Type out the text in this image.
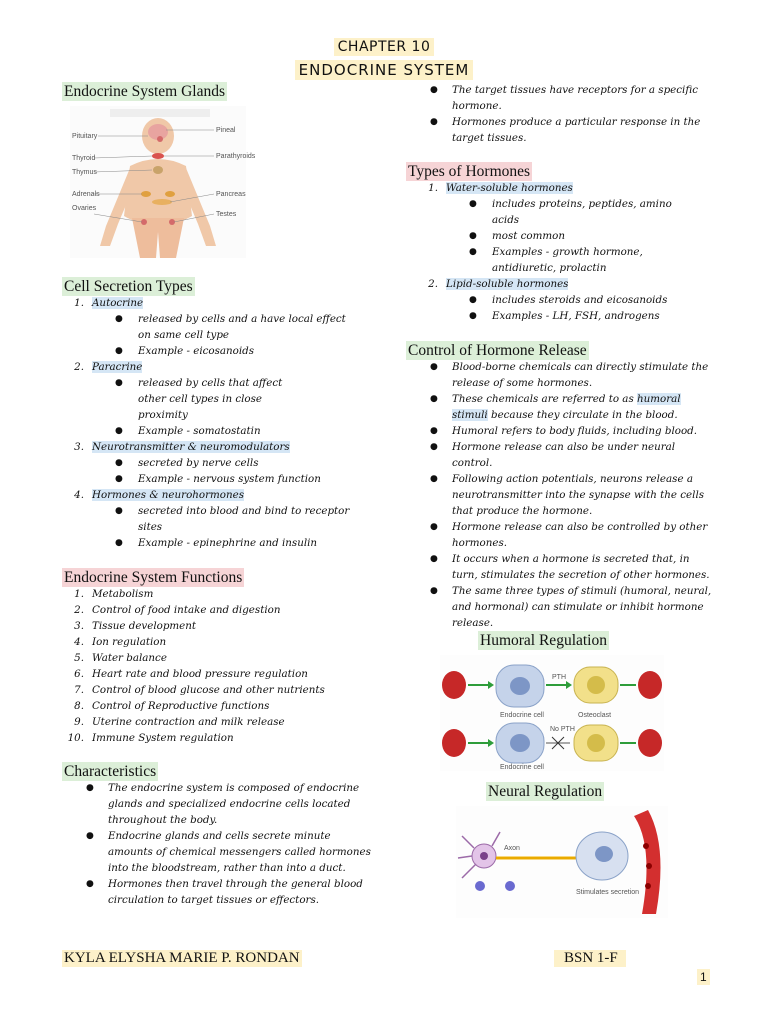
CHAPTER 10
ENDOCRINE SYSTEM
Endocrine System Glands
Pituitary
Thyroid
Thymus
Adrenals
Ovaries
Pineal
Parathyroids
Pancreas
Testes
Cell Secretion Types
1. Autocrine
● released by cells and a have local effect on same cell type
● Example - eicosanoids
2. Paracrine
● released by cells that affect other cell types in close proximity
● Example - somatostatin
3. Neurotransmitter & neuromodulators
● secreted by nerve cells
● Example - nervous system function
4. Hormones & neurohormones
● secreted into blood and bind to receptor sites
● Example - epinephrine and insulin
Endocrine System Functions
1. Metabolism
2. Control of food intake and digestion
3. Tissue development
4. Ion regulation
5. Water balance
6. Heart rate and blood pressure regulation
7. Control of blood glucose and other nutrients
8. Control of Reproductive functions
9. Uterine contraction and milk release
10. Immune System regulation
Characteristics
● The endocrine system is composed of endocrine glands and specialized endocrine cells located throughout the body.
● Endocrine glands and cells secrete minute amounts of chemical messengers called hormones into the bloodstream, rather than into a duct.
● Hormones then travel through the general blood circulation to target tissues or effectors.
● The target tissues have receptors for a specific hormone.
● Hormones produce a particular response in the target tissues.
Types of Hormones
1. Water-soluble hormones
● includes proteins, peptides, amino acids
● most common
● Examples - growth hormone, antidiuretic, prolactin
2. Lipid-soluble hormones
● includes steroids and eicosanoids
● Examples - LH, FSH, androgens
Control of Hormone Release
● Blood-borne chemicals can directly stimulate the release of some hormones.
● These chemicals are referred to as humoral stimuli because they circulate in the blood.
● Humoral refers to body fluids, including blood.
● Hormone release can also be under neural control.
● Following action potentials, neurons release a neurotransmitter into the synapse with the cells that produce the hormone.
● Hormone release can also be controlled by other hormones.
● It occurs when a hormone is secreted that, in turn, stimulates the secretion of other hormones.
● The same three types of stimuli (humoral, neural, and hormonal) can stimulate or inhibit hormone release.
Humoral Regulation
PTH
Endocrine cell	Osteoclast
No PTH
Endocrine cell
Neural Regulation
Axon
Stimulates secretion
KYLA ELYSHA MARIE P. RONDAN	BSN 1-F
1
